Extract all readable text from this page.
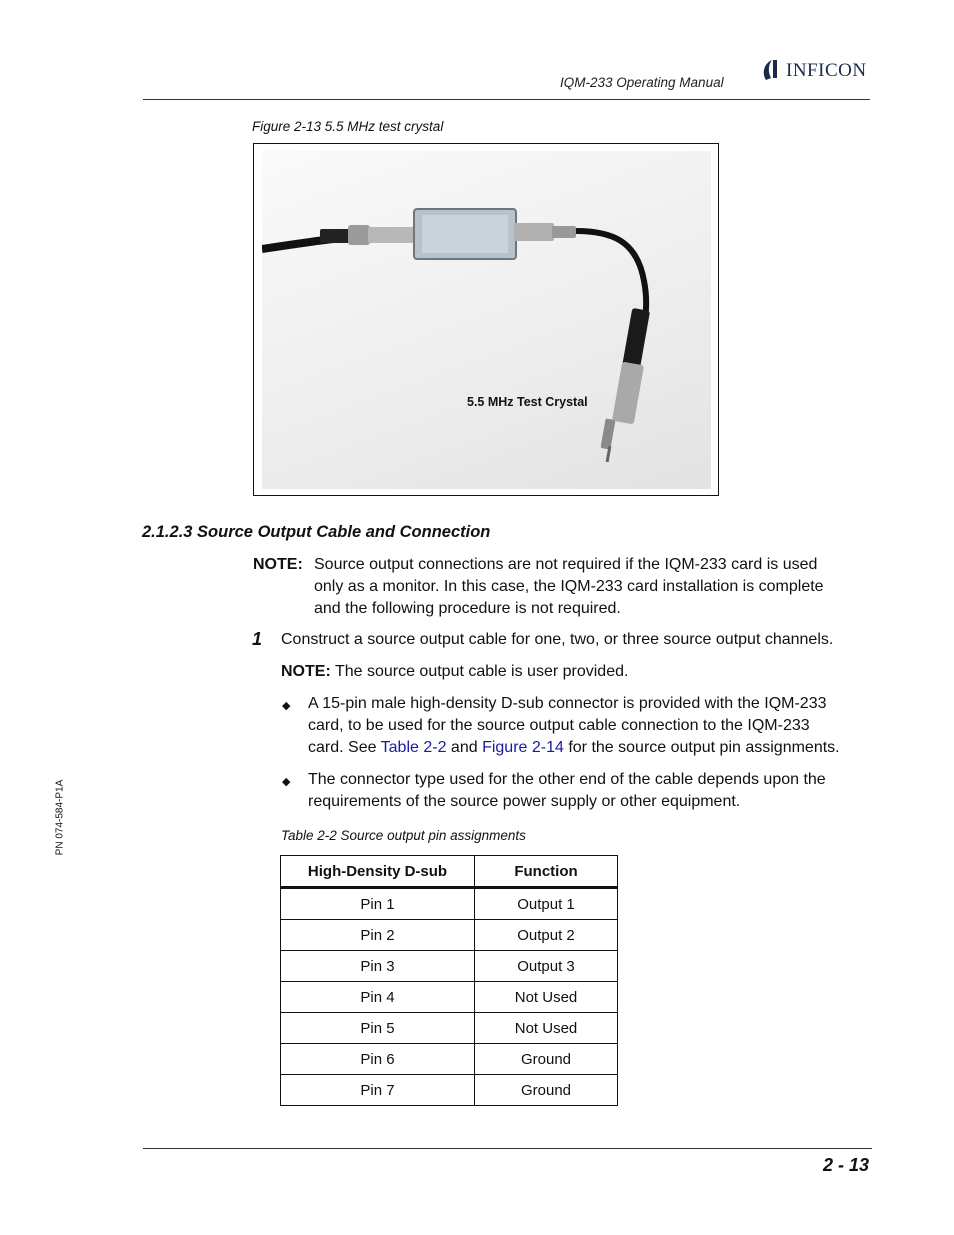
IQM-233 Operating Manual
INFICON
Figure 2-13 5.5 MHz test crystal
5.5 MHz Test Crystal
2.1.2.3 Source Output Cable and Connection
NOTE: Source output connections are not required if the IQM-233 card is used
only as a monitor. In this case, the IQM-233 card installation is complete
and the following procedure is not required.
1 Construct a source output cable for one, two, or three source output channels.
NOTE: The source output cable is user provided.
◆ A 15-pin male high-density D-sub connector is provided with the IQM-233
card, to be used for the source output cable connection to the IQM-233
card. See Table 2-2 and Figure 2-14 for the source output pin assignments.
◆ The connector type used for the other end of the cable depends upon the
requirements of the source power supply or other equipment.
Table 2-2 Source output pin assignments
High-Density D-sub	Function
Pin 1	Output 1
Pin 2	Output 2
Pin 3	Output 3
Pin 4	Not Used
Pin 5	Not Used
Pin 6	Ground
Pin 7	Ground
PN 074-584-P1A
2 - 13
